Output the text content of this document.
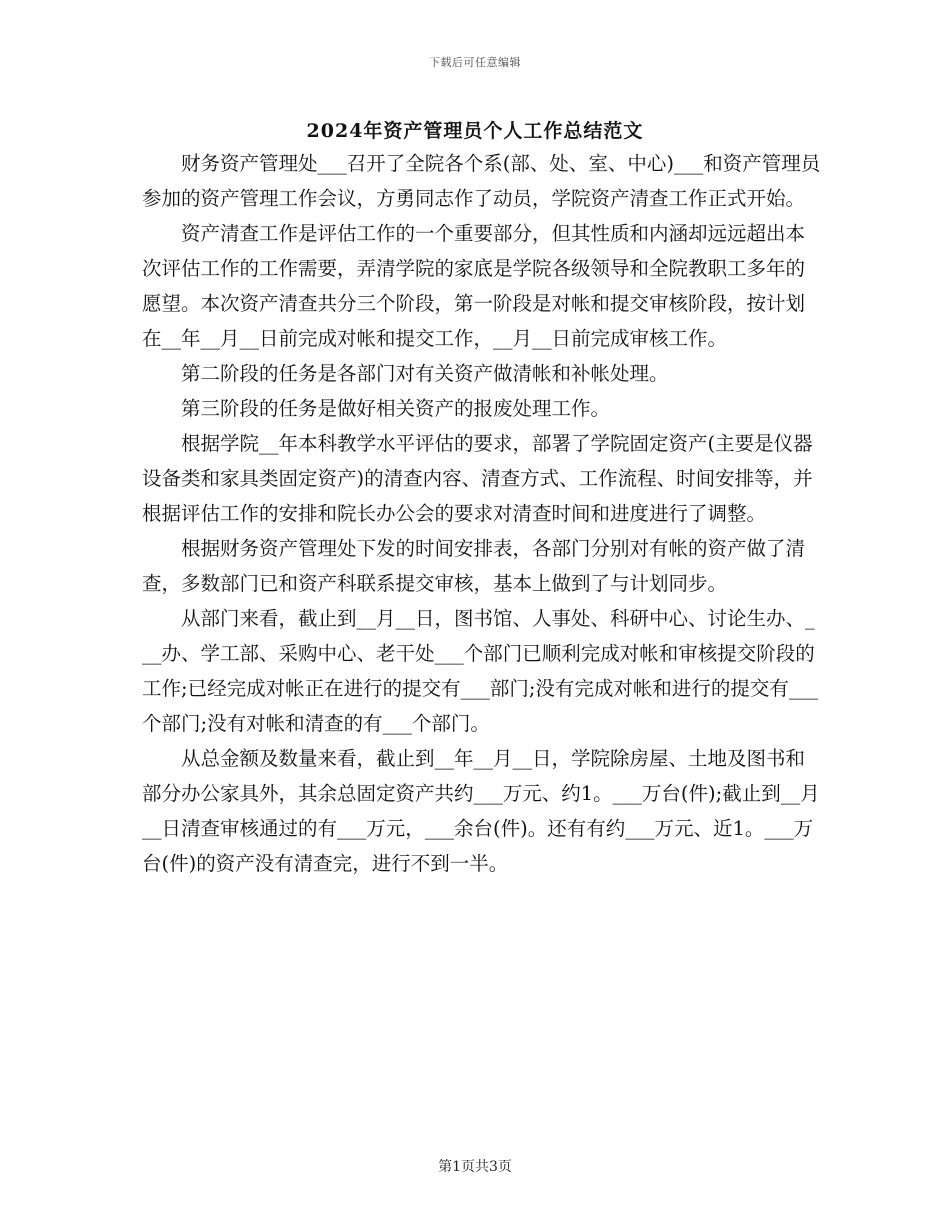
下载后可任意编辑
2024年资产管理员个人工作总结范文

财务资产管理处___召开了全院各个系(部、处、室、中心)___和资产管理员参加的资产管理工作会议，方勇同志作了动员，学院资产清查工作正式开始。

资产清查工作是评估工作的一个重要部分，但其性质和内涵却远远超出本次评估工作的工作需要，弄清学院的家底是学院各级领导和全院教职工多年的愿望。本次资产清查共分三个阶段，第一阶段是对帐和提交审核阶段，按计划在__年__月__日前完成对帐和提交工作，__月__日前完成审核工作。

第二阶段的任务是各部门对有关资产做清帐和补帐处理。

第三阶段的任务是做好相关资产的报废处理工作。

根据学院__年本科教学水平评估的要求，部署了学院固定资产(主要是仪器设备类和家具类固定资产)的清查内容、清查方式、工作流程、时间安排等，并根据评估工作的安排和院长办公会的要求对清查时间和进度进行了调整。

根据财务资产管理处下发的时间安排表，各部门分别对有帐的资产做了清查，多数部门已和资产科联系提交审核，基本上做到了与计划同步。

从部门来看，截止到__月__日，图书馆、人事处、科研中心、讨论生办、___办、学工部、采购中心、老干处___个部门已顺利完成对帐和审核提交阶段的工作;已经完成对帐正在进行的提交有___部门;没有完成对帐和进行的提交有___个部门;没有对帐和清查的有___个部门。

从总金额及数量来看，截止到__年__月__日，学院除房屋、土地及图书和部分办公家具外，其余总固定资产共约___万元、约1。___万台(件);截止到__月__日清查审核通过的有___万元，___余台(件)。还有有约___万元、近1。___万台(件)的资产没有清查完，进行不到一半。

第1页共3页
